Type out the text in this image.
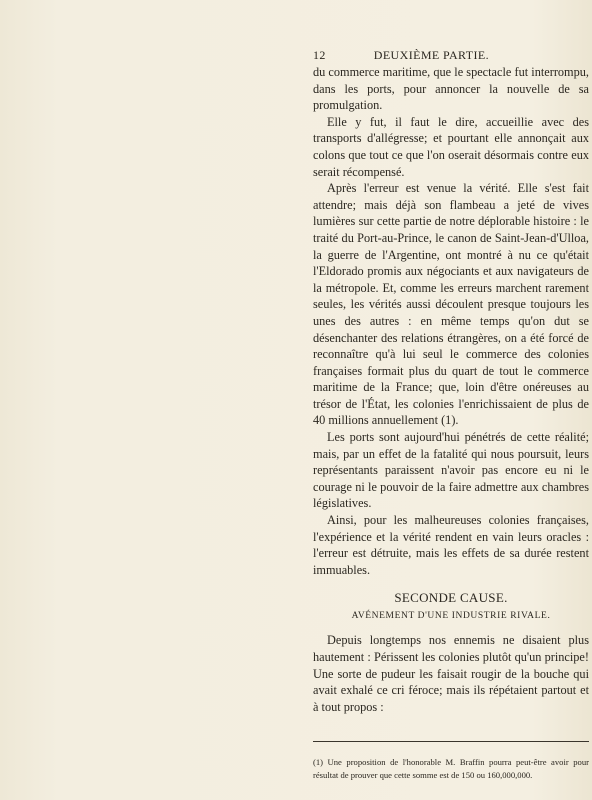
12	DEUXIÈME PARTIE.

du commerce maritime, que le spectacle fut interrompu, dans les ports, pour annoncer la nouvelle de sa promulgation.

Elle y fut, il faut le dire, accueillie avec des transports d'allégresse; et pourtant elle annonçait aux colons que tout ce que l'on oserait désormais contre eux serait récompensé.

Après l'erreur est venue la vérité. Elle s'est fait attendre; mais déjà son flambeau a jeté de vives lumières sur cette partie de notre déplorable histoire : le traité du Port-au-Prince, le canon de Saint-Jean-d'Ulloa, la guerre de l'Argentine, ont montré à nu ce qu'était l'Eldorado promis aux négociants et aux navigateurs de la métropole. Et, comme les erreurs marchent rarement seules, les vérités aussi découlent presque toujours les unes des autres : en même temps qu'on dut se désenchanter des relations étrangères, on a été forcé de reconnaître qu'à lui seul le commerce des colonies françaises formait plus du quart de tout le commerce maritime de la France; que, loin d'être onéreuses au trésor de l'État, les colonies l'enrichissaient de plus de 40 millions annuellement (1).

Les ports sont aujourd'hui pénétrés de cette réalité; mais, par un effet de la fatalité qui nous poursuit, leurs représentants paraissent n'avoir pas encore eu ni le courage ni le pouvoir de la faire admettre aux chambres législatives.

Ainsi, pour les malheureuses colonies françaises, l'expérience et la vérité rendent en vain leurs oracles : l'erreur est détruite, mais les effets de sa durée restent immuables.

SECONDE CAUSE.
AVÉNEMENT D'UNE INDUSTRIE RIVALE.

Depuis longtemps nos ennemis ne disaient plus hautement : Périssent les colonies plutôt qu'un principe! Une sorte de pudeur les faisait rougir de la bouche qui avait exhalé ce cri féroce; mais ils répétaient partout et à tout propos :

(1) Une proposition de l'honorable M. Braffin pourra peut-être avoir pour résultat de prouver que cette somme est de 150 ou 160,000,000.
